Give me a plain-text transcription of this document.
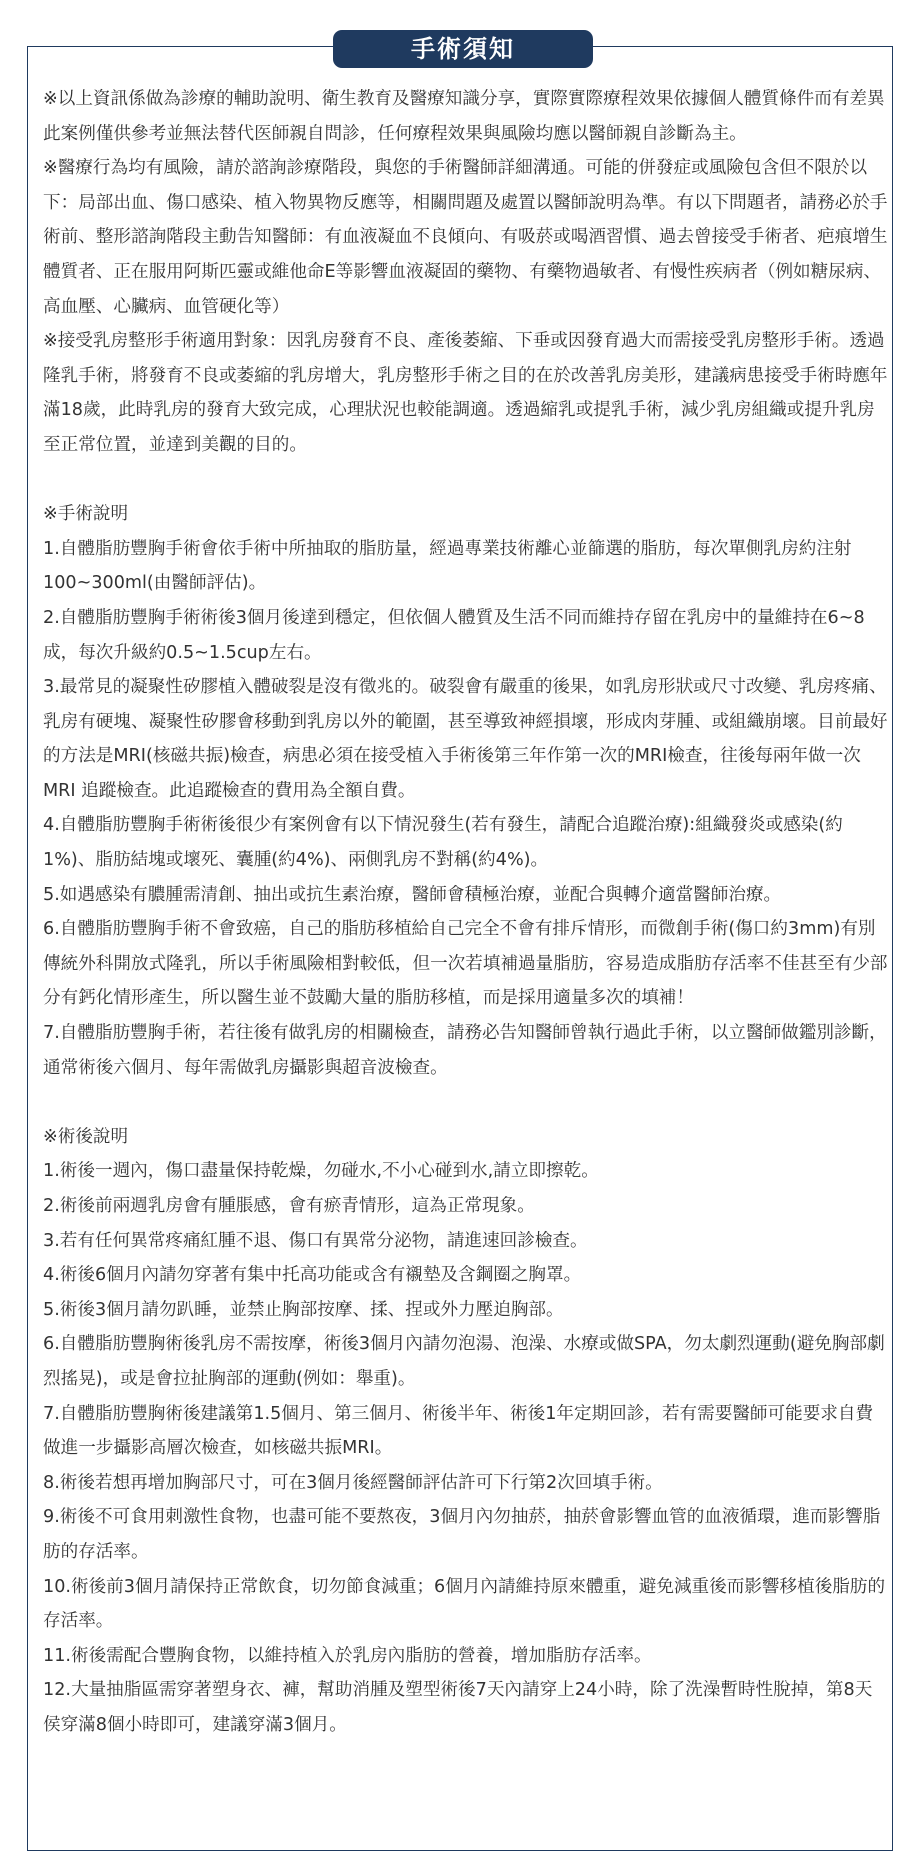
手術須知

※以上資訊係做為診療的輔助說明、衛生教育及醫療知識分享，實際實際療程效果依據個人體質條件而有差異此案例僅供參考並無法替代医師親自問診，任何療程效果與風險均應以醫師親自診斷為主。

※醫療行為均有風險，請於諮詢診療階段，與您的手術醫師詳細溝通。可能的併發症或風險包含但不限於以下：局部出血、傷口感染、植入物異物反應等，相關問題及處置以醫師說明為準。有以下問題者，請務必於手術前、整形諮詢階段主動告知醫師：有血液凝血不良傾向、有吸菸或喝酒習慣、過去曾接受手術者、疤痕增生體質者、正在服用阿斯匹靈或維他命E等影響血液凝固的藥物、有藥物過敏者、有慢性疾病者（例如糖尿病、高血壓、心臟病、血管硬化等）

※接受乳房整形手術適用對象：因乳房發育不良、產後萎縮、下垂或因發育過大而需接受乳房整形手術。透過隆乳手術，將發育不良或萎縮的乳房增大，乳房整形手術之目的在於改善乳房美形，建議病患接受手術時應年滿18歲，此時乳房的發育大致完成，心理狀況也較能調適。透過縮乳或提乳手術，減少乳房組織或提升乳房至正常位置，並達到美觀的目的。

※手術說明

1.自體脂肪豐胸手術會依手術中所抽取的脂肪量，經過專業技術離心並篩選的脂肪，每次單側乳房約注射100~300ml(由醫師評估)。

2.自體脂肪豐胸手術術後3個月後達到穩定，但依個人體質及生活不同而維持存留在乳房中的量維持在6~8成，每次升級約0.5~1.5cup左右。

3.最常見的凝聚性矽膠植入體破裂是沒有徵兆的。破裂會有嚴重的後果，如乳房形狀或尺寸改變、乳房疼痛、乳房有硬塊、凝聚性矽膠會移動到乳房以外的範圍，甚至導致神經損壞，形成肉芽腫、或組織崩壞。目前最好的方法是MRI(核磁共振)檢查，病患必須在接受植入手術後第三年作第一次的MRI檢查，往後每兩年做一次MRI 追蹤檢查。此追蹤檢查的費用為全額自費。

4.自體脂肪豐胸手術術後很少有案例會有以下情況發生(若有發生，請配合追蹤治療):組織發炎或感染(約1%)、脂肪結塊或壞死、囊腫(約4%)、兩側乳房不對稱(約4%)。

5.如遇感染有膿腫需清創、抽出或抗生素治療，醫師會積極治療，並配合與轉介適當醫師治療。

6.自體脂肪豐胸手術不會致癌，自己的脂肪移植給自己完全不會有排斥情形，而微創手術(傷口約3mm)有別傳統外科開放式隆乳，所以手術風險相對較低，但一次若填補過量脂肪，容易造成脂肪存活率不佳甚至有少部分有鈣化情形產生，所以醫生並不鼓勵大量的脂肪移植，而是採用適量多次的填補！

7.自體脂肪豐胸手術，若往後有做乳房的相關檢查，請務必告知醫師曾執行過此手術，以立醫師做鑑別診斷，通常術後六個月、每年需做乳房攝影與超音波檢查。

※術後說明

1.術後一週內，傷口盡量保持乾燥，勿碰水,不小心碰到水,請立即擦乾。

2.術後前兩週乳房會有腫脹感，會有瘀青情形，這為正常現象。

3.若有任何異常疼痛紅腫不退、傷口有異常分泌物，請進速回診檢查。

4.術後6個月內請勿穿著有集中托高功能或含有襯墊及含鋼圈之胸罩。

5.術後3個月請勿趴睡，並禁止胸部按摩、揉、捏或外力壓迫胸部。

6.自體脂肪豐胸術後乳房不需按摩，術後3個月內請勿泡湯、泡澡、水療或做SPA，勿太劇烈運動(避免胸部劇烈搖晃)，或是會拉扯胸部的運動(例如：舉重)。

7.自體脂肪豐胸術後建議第1.5個月、第三個月、術後半年、術後1年定期回診，若有需要醫師可能要求自費做進一步攝影高層次檢查，如核磁共振MRI。

8.術後若想再增加胸部尺寸，可在3個月後經醫師評估許可下行第2次回填手術。

9.術後不可食用刺激性食物，也盡可能不要熬夜，3個月內勿抽菸，抽菸會影響血管的血液循環，進而影響脂肪的存活率。

10.術後前3個月請保持正常飲食，切勿節食減重；6個月內請維持原來體重，避免減重後而影響移植後脂肪的存活率。

11.術後需配合豐胸食物，以維持植入於乳房內脂肪的營養，增加脂肪存活率。

12.大量抽脂區需穿著塑身衣、褲，幫助消腫及塑型術後7天內請穿上24小時，除了洗澡暫時性脫掉，第8天侯穿滿8個小時即可，建議穿滿3個月。
